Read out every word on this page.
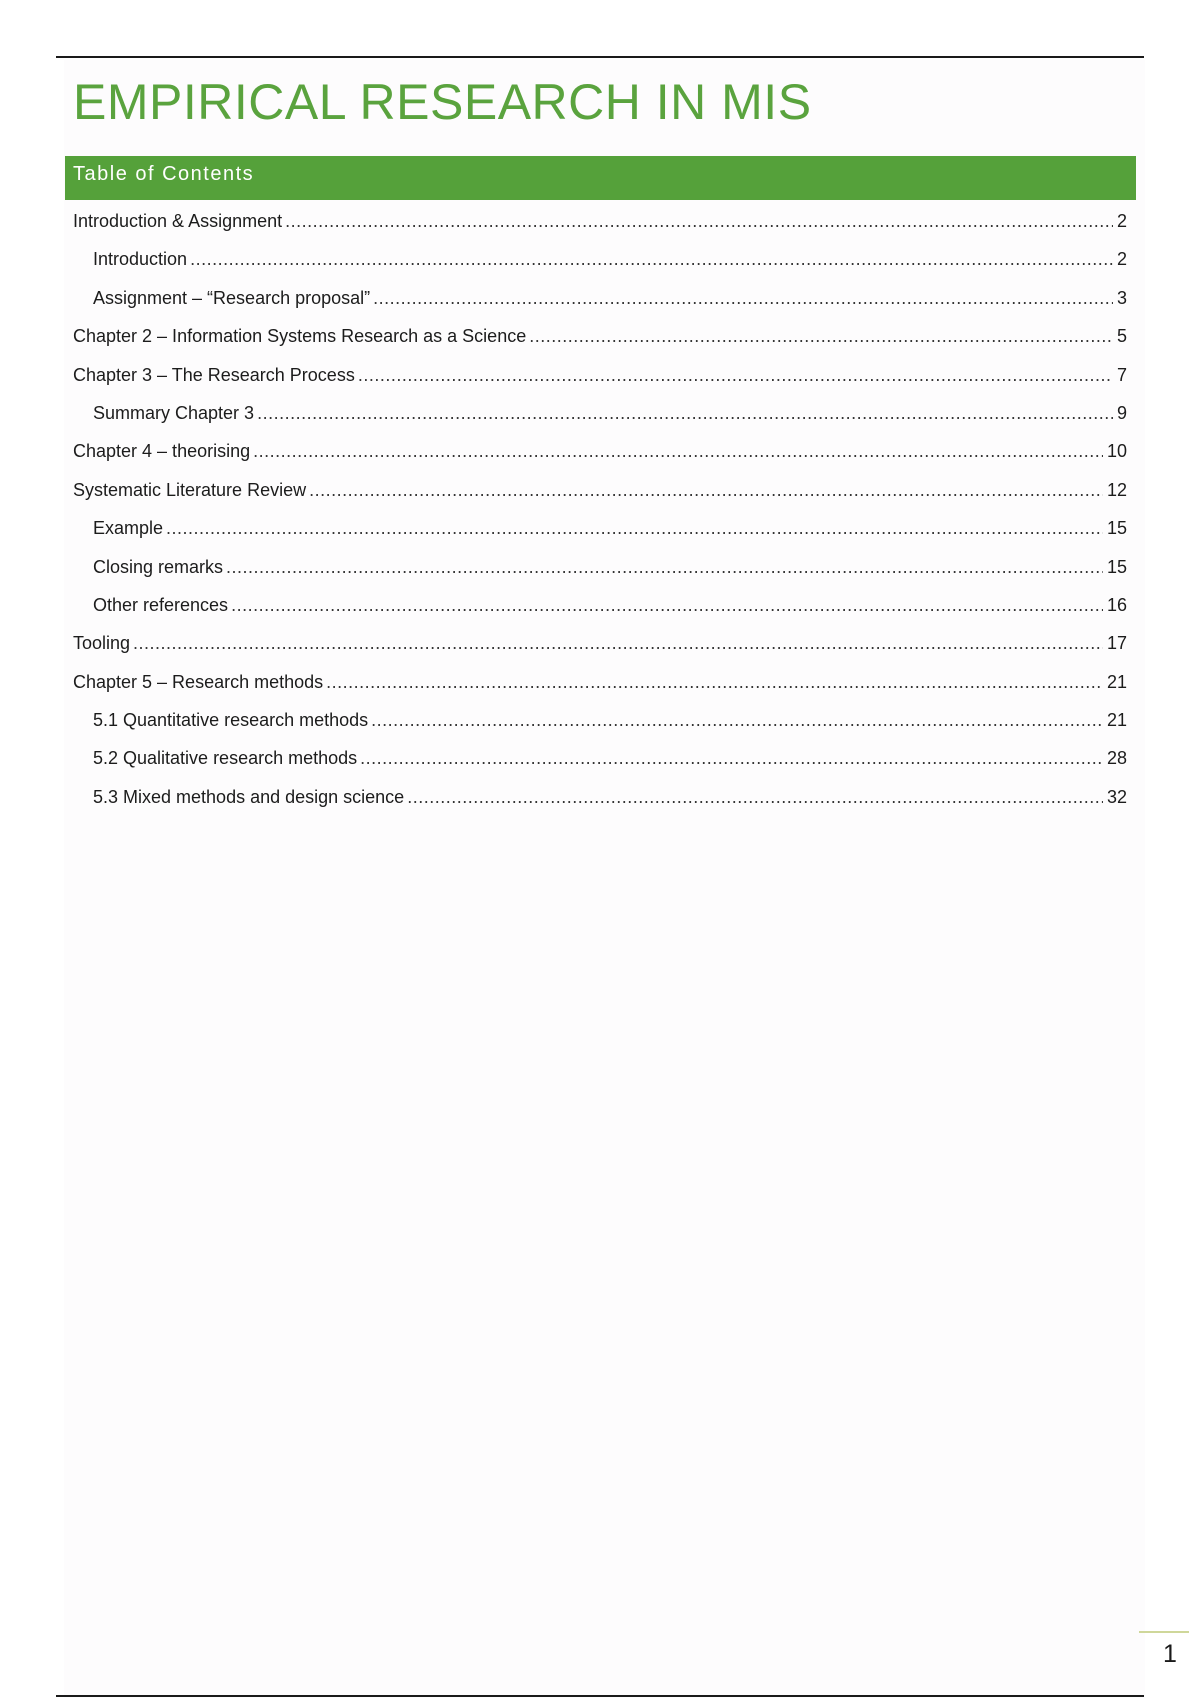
EMPIRICAL RESEARCH IN MIS
Table of Contents
Introduction & Assignment .....	2
Introduction .....	2
Assignment – “Research proposal” .....	3
Chapter 2 – Information Systems Research as a Science .....	5
Chapter 3 – The Research Process .....	7
Summary Chapter 3 .....	9
Chapter 4 – theorising .....	10
Systematic Literature Review .....	12
Example .....	15
Closing remarks .....	15
Other references .....	16
Tooling .....	17
Chapter 5 – Research methods .....	21
5.1 Quantitative research methods .....	21
5.2 Qualitative research methods .....	28
5.3 Mixed methods and design science .....	32
1
